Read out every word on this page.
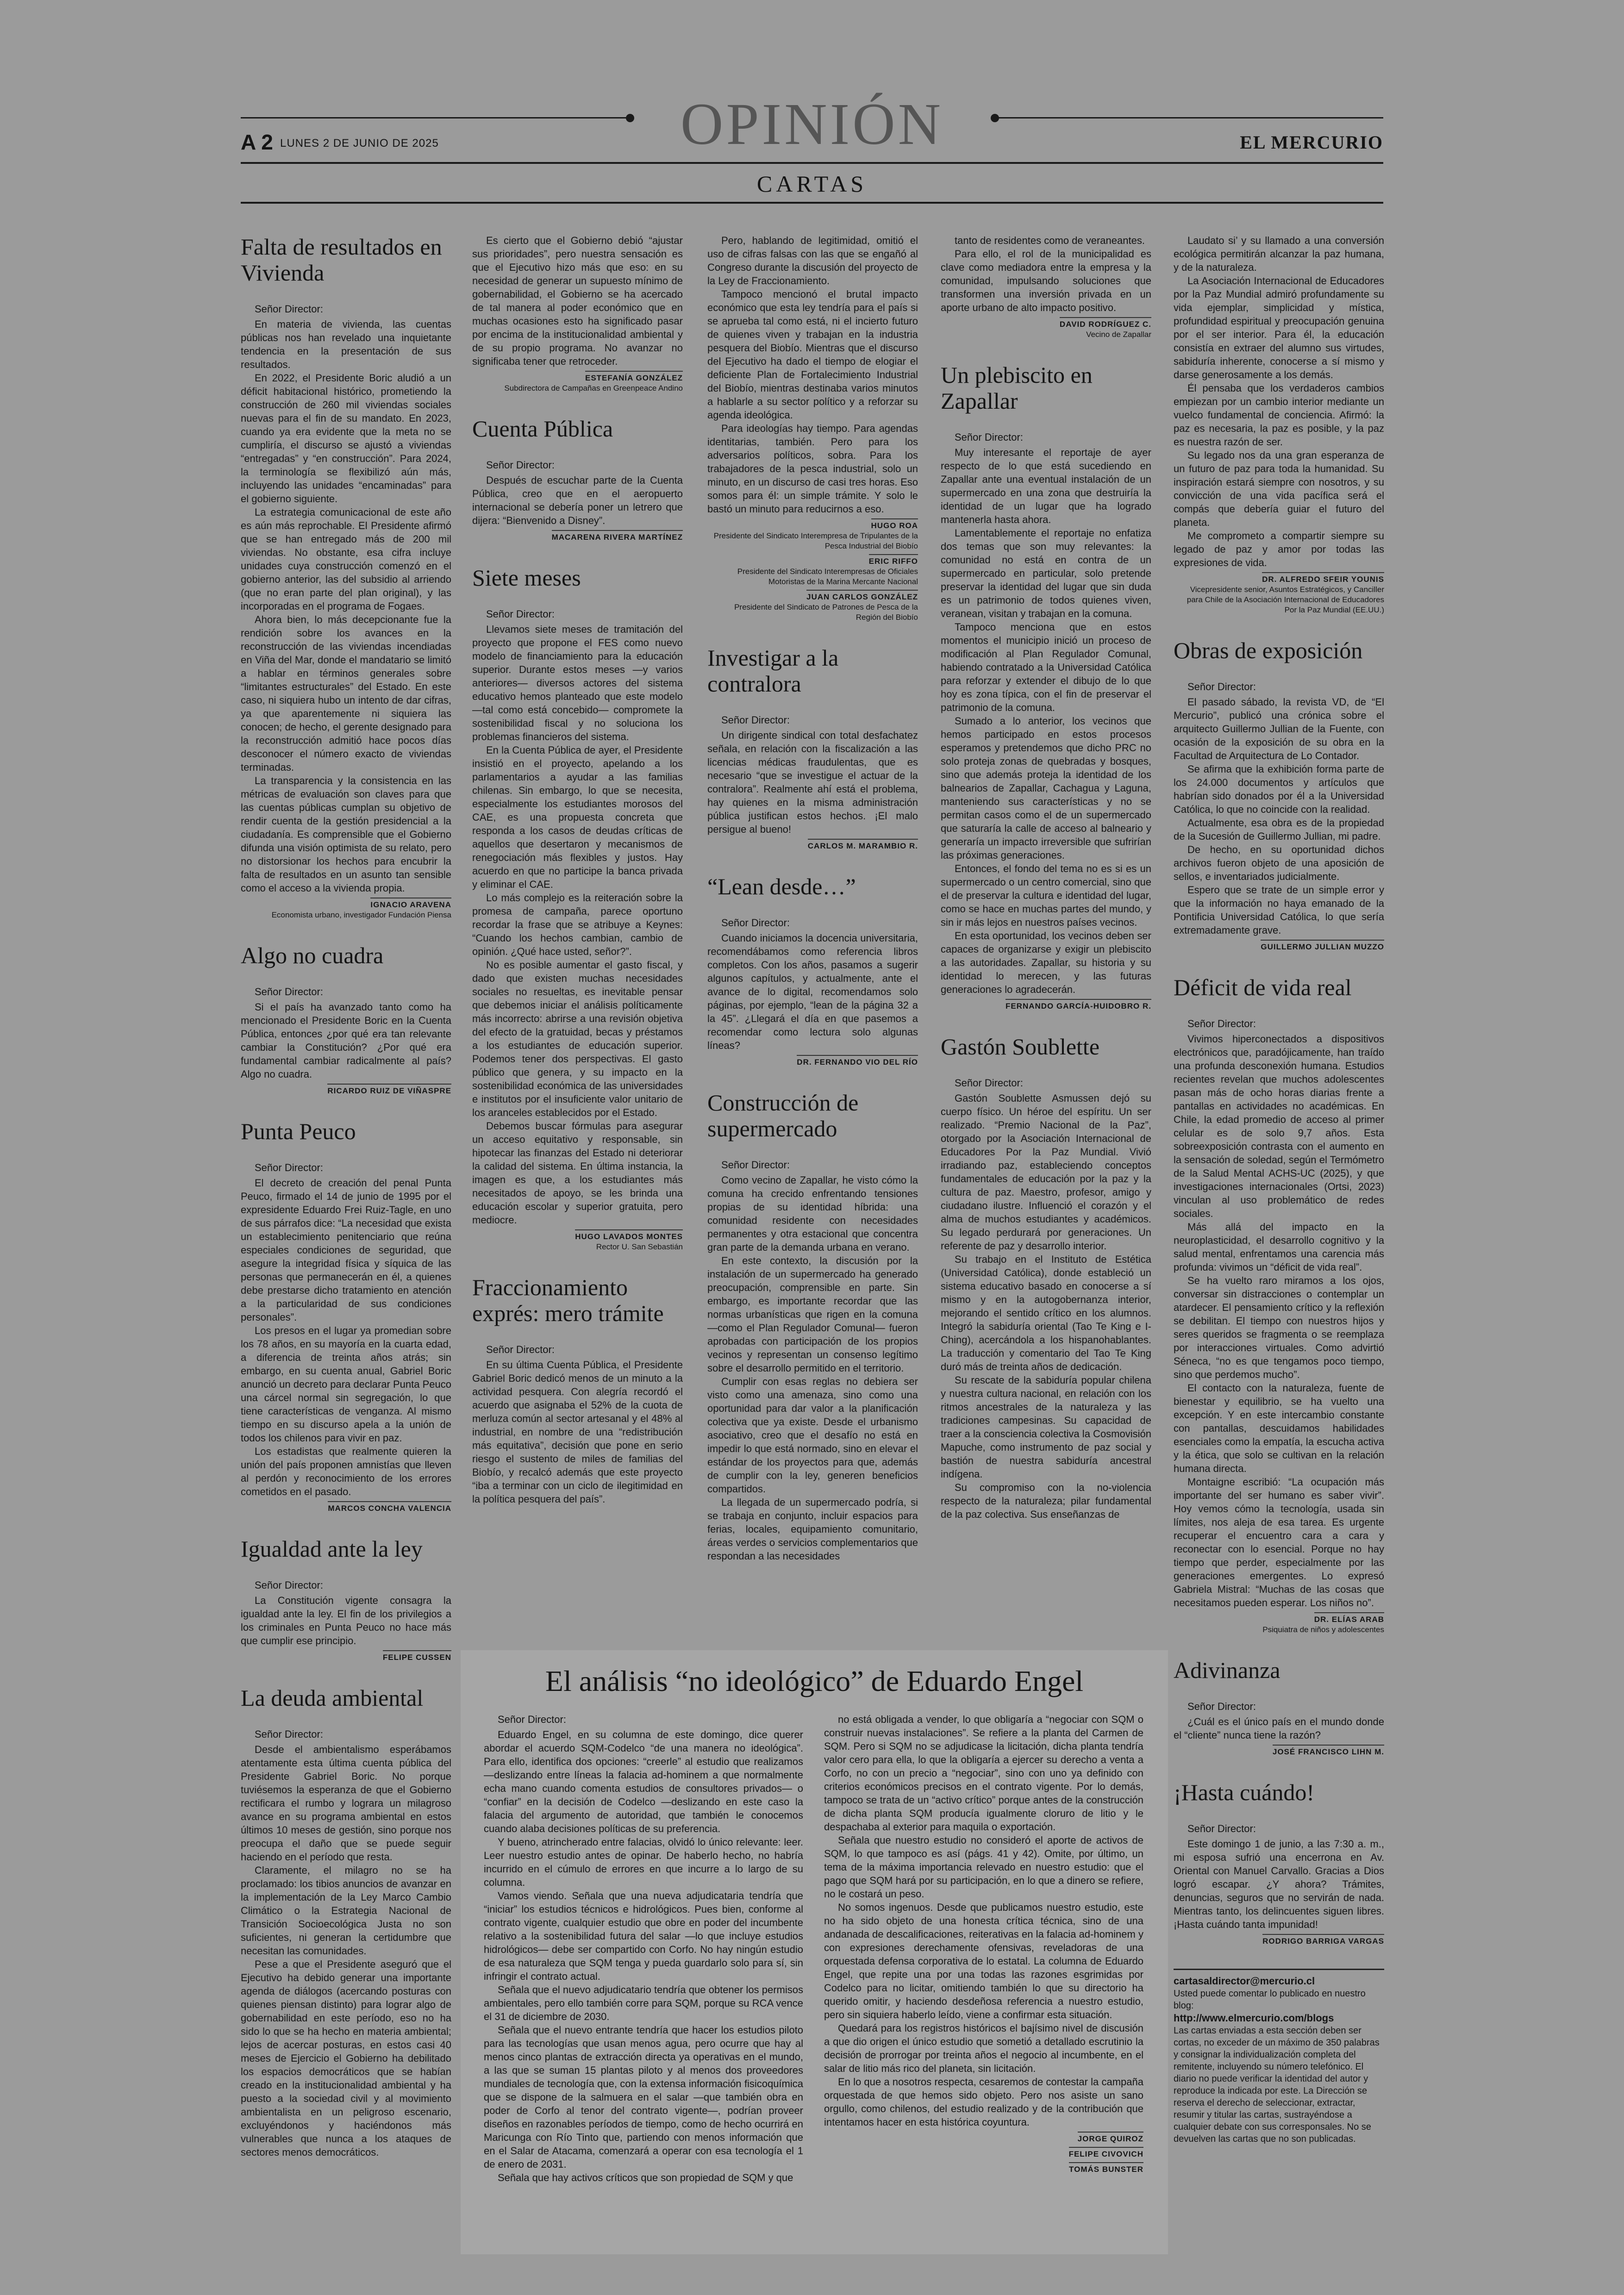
OPINIÓN
A 2 LUNES 2 DE JUNIO DE 2025	EL MERCURIO
CARTAS
Falta de resultados en Vivienda
Señor Director:

En materia de vivienda, las cuentas públicas nos han revelado una inquietante tendencia en la presentación de sus resultados.

En 2022, el Presidente Boric aludió a un déficit habitacional histórico, prometiendo la construcción de 260 mil viviendas sociales nuevas para el fin de su mandato. En 2023, cuando ya era evidente que la meta no se cumpliría, el discurso se ajustó a viviendas “entregadas” y “en construcción”. Para 2024, la terminología se flexibilizó aún más, incluyendo las unidades “encaminadas” para el gobierno siguiente.

La estrategia comunicacional de este año es aún más reprochable. El Presidente afirmó que se han entregado más de 200 mil viviendas. No obstante, esa cifra incluye unidades cuya construcción comenzó en el gobierno anterior, las del subsidio al arriendo (que no eran parte del plan original), y las incorporadas en el programa de Fogaes.

Ahora bien, lo más decepcionante fue la rendición sobre los avances en la reconstrucción de las viviendas incendiadas en Viña del Mar, donde el mandatario se limitó a hablar en términos generales sobre “limitantes estructurales” del Estado. En este caso, ni siquiera hubo un intento de dar cifras, ya que aparentemente ni siquiera las conocen; de hecho, el gerente designado para la reconstrucción admitió hace pocos días desconocer el número exacto de viviendas terminadas.

La transparencia y la consistencia en las métricas de evaluación son claves para que las cuentas públicas cumplan su objetivo de rendir cuenta de la gestión presidencial a la ciudadanía. Es comprensible que el Gobierno difunda una visión optimista de su relato, pero no distorsionar los hechos para encubrir la falta de resultados en un asunto tan sensible como el acceso a la vivienda propia.

IGNACIO ARAVENA
Economista urbano, investigador Fundación Piensa
Algo no cuadra
Señor Director:

Si el país ha avanzado tanto como ha mencionado el Presidente Boric en la Cuenta Pública, entonces ¿por qué era tan relevante cambiar la Constitución? ¿Por qué era fundamental cambiar radicalmente al país? Algo no cuadra.

RICARDO RUIZ DE VIÑASPRE
Punta Peuco
Señor Director:

El decreto de creación del penal Punta Peuco, firmado el 14 de junio de 1995 por el expresidente Eduardo Frei Ruiz-Tagle, en uno de sus párrafos dice: “La necesidad que exista un establecimiento penitenciario que reúna especiales condiciones de seguridad, que asegure la integridad física y síquica de las personas que permanecerán en él, a quienes debe prestarse dicho tratamiento en atención a la particularidad de sus condiciones personales”.

Los presos en el lugar ya promedian sobre los 78 años, en su mayoría en la cuarta edad, a diferencia de treinta años atrás; sin embargo, en su cuenta anual, Gabriel Boric anunció un decreto para declarar Punta Peuco una cárcel normal sin segregación, lo que tiene características de venganza. Al mismo tiempo en su discurso apela a la unión de todos los chilenos para vivir en paz.

Los estadistas que realmente quieren la unión del país proponen amnistías que lleven al perdón y reconocimiento de los errores cometidos en el pasado.

MARCOS CONCHA VALENCIA
Igualdad ante la ley
Señor Director:

La Constitución vigente consagra la igualdad ante la ley. El fin de los privilegios a los criminales en Punta Peuco no hace más que cumplir ese principio.

FELIPE CUSSEN
La deuda ambiental
Señor Director:

Desde el ambientalismo esperábamos atentamente esta última cuenta pública del Presidente Gabriel Boric. No porque tuviésemos la esperanza de que el Gobierno rectificara el rumbo y lograra un milagroso avance en su programa ambiental en estos últimos 10 meses de gestión, sino porque nos preocupa el daño que se puede seguir haciendo en el período que resta.

Claramente, el milagro no se ha proclamado: los tibios anuncios de avanzar en la implementación de la Ley Marco Cambio Climático o la Estrategia Nacional de Transición Socioecológica Justa no son suficientes, ni generan la certidumbre que necesitan las comunidades.

Pese a que el Presidente aseguró que el Ejecutivo ha debido generar una importante agenda de diálogos (acercando posturas con quienes piensan distinto) para lograr algo de gobernabilidad en este período, eso no ha sido lo que se ha hecho en materia ambiental; lejos de acercar posturas, en estos casi 40 meses de Ejercicio el Gobierno ha debilitado los espacios democráticos que se habían creado en la institucionalidad ambiental y ha puesto a la sociedad civil y al movimiento ambientalista en un peligroso escenario, excluyéndonos y haciéndonos más vulnerables que nunca a los ataques de sectores menos democráticos.

Es cierto que el Gobierno debió “ajustar sus prioridades”, pero nuestra sensación es que el Ejecutivo hizo más que eso: en su necesidad de generar un supuesto mínimo de gobernabilidad, el Gobierno se ha acercado de tal manera al poder económico que en muchas ocasiones esto ha significado pasar por encima de la institucionalidad ambiental y de su propio programa. No avanzar no significaba tener que retroceder.

ESTEFANÍA GONZÁLEZ
Subdirectora de Campañas en Greenpeace Andino
Cuenta Pública
Señor Director:

Después de escuchar parte de la Cuenta Pública, creo que en el aeropuerto internacional se debería poner un letrero que dijera: “Bienvenido a Disney”.

MACARENA RIVERA MARTÍNEZ
Siete meses
Señor Director:

Llevamos siete meses de tramitación del proyecto que propone el FES como nuevo modelo de financiamiento para la educación superior. Durante estos meses —y varios anteriores— diversos actores del sistema educativo hemos planteado que este modelo —tal como está concebido— compromete la sostenibilidad fiscal y no soluciona los problemas financieros del sistema.

En la Cuenta Pública de ayer, el Presidente insistió en el proyecto, apelando a los parlamentarios a ayudar a las familias chilenas. Sin embargo, lo que se necesita, especialmente los estudiantes morosos del CAE, es una propuesta concreta que responda a los casos de deudas críticas de aquellos que desertaron y mecanismos de renegociación más flexibles y justos. Hay acuerdo en que no participe la banca privada y eliminar el CAE.

Lo más complejo es la reiteración sobre la promesa de campaña, parece oportuno recordar la frase que se atribuye a Keynes: “Cuando los hechos cambian, cambio de opinión. ¿Qué hace usted, señor?”.

No es posible aumentar el gasto fiscal, y dado que existen muchas necesidades sociales no resueltas, es inevitable pensar que debemos iniciar el análisis políticamente más incorrecto: abrirse a una revisión objetiva del efecto de la gratuidad, becas y préstamos a los estudiantes de educación superior. Podemos tener dos perspectivas. El gasto público que genera, y su impacto en la sostenibilidad económica de las universidades e institutos por el insuficiente valor unitario de los aranceles establecidos por el Estado.

Debemos buscar fórmulas para asegurar un acceso equitativo y responsable, sin hipotecar las finanzas del Estado ni deteriorar la calidad del sistema. En última instancia, la imagen es que, a los estudiantes más necesitados de apoyo, se les brinda una educación escolar y superior gratuita, pero mediocre.

HUGO LAVADOS MONTES
Rector U. San Sebastián
Fraccionamiento exprés: mero trámite
Señor Director:

En su última Cuenta Pública, el Presidente Gabriel Boric dedicó menos de un minuto a la actividad pesquera. Con alegría recordó el acuerdo que asignaba el 52% de la cuota de merluza común al sector artesanal y el 48% al industrial, en nombre de una “redistribución más equitativa”, decisión que pone en serio riesgo el sustento de miles de familias del Biobío, y recalcó además que este proyecto “iba a terminar con un ciclo de ilegitimidad en la política pesquera del país”.

Pero, hablando de legitimidad, omitió el uso de cifras falsas con las que se engañó al Congreso durante la discusión del proyecto de la Ley de Fraccionamiento.

Tampoco mencionó el brutal impacto económico que esta ley tendría para el país si se aprueba tal como está, ni el incierto futuro de quienes viven y trabajan en la industria pesquera del Biobío. Mientras que el discurso del Ejecutivo ha dado el tiempo de elogiar el deficiente Plan de Fortalecimiento Industrial del Biobío, mientras destinaba varios minutos a hablarle a su sector político y a reforzar su agenda ideológica.

Para ideologías hay tiempo. Para agendas identitarias, también. Pero para los adversarios políticos, sobra. Para los trabajadores de la pesca industrial, solo un minuto, en un discurso de casi tres horas. Eso somos para él: un simple trámite. Y solo le bastó un minuto para reducirnos a eso.

HUGO ROA
Presidente del Sindicato Interempresa de Tripulantes de la Pesca Industrial del Biobío
ERIC RIFFO
Presidente del Sindicato Interempresas de Oficiales Motoristas de la Marina Mercante Nacional
JUAN CARLOS GONZÁLEZ
Presidente del Sindicato de Patrones de Pesca de la Región del Biobío
Investigar a la contralora
Señor Director:

Un dirigente sindical con total desfachatez señala, en relación con la fiscalización a las licencias médicas fraudulentas, que es necesario “que se investigue el actuar de la contralora”. Realmente ahí está el problema, hay quienes en la misma administración pública justifican estos hechos. ¡El malo persigue al bueno!

CARLOS M. MARAMBIO R.
“Lean desde…”
Señor Director:

Cuando iniciamos la docencia universitaria, recomendábamos como referencia libros completos. Con los años, pasamos a sugerir algunos capítulos, y actualmente, ante el avance de lo digital, recomendamos solo páginas, por ejemplo, “lean de la página 32 a la 45”. ¿Llegará el día en que pasemos a recomendar como lectura solo algunas líneas?

DR. FERNANDO VIO DEL RÍO
Construcción de supermercado
Señor Director:

Como vecino de Zapallar, he visto cómo la comuna ha crecido enfrentando tensiones propias de su identidad híbrida: una comunidad residente con necesidades permanentes y otra estacional que concentra gran parte de la demanda urbana en verano.

En este contexto, la discusión por la instalación de un supermercado ha generado preocupación, comprensible en parte. Sin embargo, es importante recordar que las normas urbanísticas que rigen en la comuna —como el Plan Regulador Comunal— fueron aprobadas con participación de los propios vecinos y representan un consenso legítimo sobre el desarrollo permitido en el territorio.

Cumplir con esas reglas no debiera ser visto como una amenaza, sino como una oportunidad para dar valor a la planificación colectiva que ya existe. Desde el urbanismo asociativo, creo que el desafío no está en impedir lo que está normado, sino en elevar el estándar de los proyectos para que, además de cumplir con la ley, generen beneficios compartidos.

La llegada de un supermercado podría, si se trabaja en conjunto, incluir espacios para ferias, locales, equipamiento comunitario, áreas verdes o servicios complementarios que respondan a las necesidades

tanto de residentes como de veraneantes.

Para ello, el rol de la municipalidad es clave como mediadora entre la empresa y la comunidad, impulsando soluciones que transformen una inversión privada en un aporte urbano de alto impacto positivo.

DAVID RODRÍGUEZ C.
Vecino de Zapallar
Un plebiscito en Zapallar
Señor Director:

Muy interesante el reportaje de ayer respecto de lo que está sucediendo en Zapallar ante una eventual instalación de un supermercado en una zona que destruiría la identidad de un lugar que ha logrado mantenerla hasta ahora.

Lamentablemente el reportaje no enfatiza dos temas que son muy relevantes: la comunidad no está en contra de un supermercado en particular, solo pretende preservar la identidad del lugar que sin duda es un patrimonio de todos quienes viven, veranean, visitan y trabajan en la comuna.

Tampoco menciona que en estos momentos el municipio inició un proceso de modificación al Plan Regulador Comunal, habiendo contratado a la Universidad Católica para reforzar y extender el dibujo de lo que hoy es zona típica, con el fin de preservar el patrimonio de la comuna.

Sumado a lo anterior, los vecinos que hemos participado en estos procesos esperamos y pretendemos que dicho PRC no solo proteja zonas de quebradas y bosques, sino que además proteja la identidad de los balnearios de Zapallar, Cachagua y Laguna, manteniendo sus características y no se permitan casos como el de un supermercado que saturaría la calle de acceso al balneario y generaría un impacto irreversible que sufrirían las próximas generaciones.

Entonces, el fondo del tema no es si es un supermercado o un centro comercial, sino que el de preservar la cultura e identidad del lugar, como se hace en muchas partes del mundo, y sin ir más lejos en nuestros países vecinos.

En esta oportunidad, los vecinos deben ser capaces de organizarse y exigir un plebiscito a las autoridades. Zapallar, su historia y su identidad lo merecen, y las futuras generaciones lo agradecerán.

FERNANDO GARCÍA-HUIDOBRO R.
Gastón Soublette
Señor Director:

Gastón Soublette Asmussen dejó su cuerpo físico. Un héroe del espíritu. Un ser realizado. “Premio Nacional de la Paz”, otorgado por la Asociación Internacional de Educadores Por la Paz Mundial. Vivió irradiando paz, estableciendo conceptos fundamentales de educación por la paz y la cultura de paz. Maestro, profesor, amigo y ciudadano ilustre. Influenció el corazón y el alma de muchos estudiantes y académicos. Su legado perdurará por generaciones. Un referente de paz y desarrollo interior.

Su trabajo en el Instituto de Estética (Universidad Católica), donde estableció un sistema educativo basado en conocerse a sí mismo y en la autogobernanza interior, mejorando el sentido crítico en los alumnos. Integró la sabiduría oriental (Tao Te King e I-Ching), acercándola a los hispanohablantes. La traducción y comentario del Tao Te King duró más de treinta años de dedicación.

Su rescate de la sabiduría popular chilena y nuestra cultura nacional, en relación con los ritmos ancestrales de la naturaleza y las tradiciones campesinas. Su capacidad de traer a la consciencia colectiva la Cosmovisión Mapuche, como instrumento de paz social y bastión de nuestra sabiduría ancestral indígena.

Su compromiso con la no-violencia respecto de la naturaleza; pilar fundamental de la paz colectiva. Sus enseñanzas de

Laudato si’ y su llamado a una conversión ecológica permitirán alcanzar la paz humana, y de la naturaleza.

La Asociación Internacional de Educadores por la Paz Mundial admiró profundamente su vida ejemplar, simplicidad y mística, profundidad espiritual y preocupación genuina por el ser interior. Para él, la educación consistía en extraer del alumno sus virtudes, sabiduría inherente, conocerse a sí mismo y darse generosamente a los demás.

Él pensaba que los verdaderos cambios empiezan por un cambio interior mediante un vuelco fundamental de conciencia. Afirmó: la paz es necesaria, la paz es posible, y la paz es nuestra razón de ser.

Su legado nos da una gran esperanza de un futuro de paz para toda la humanidad. Su inspiración estará siempre con nosotros, y su convicción de una vida pacífica será el compás que debería guiar el futuro del planeta.

Me comprometo a compartir siempre su legado de paz y amor por todas las expresiones de vida.

DR. ALFREDO SFEIR YOUNIS
Vicepresidente senior, Asuntos Estratégicos, y Canciller para Chile de la Asociación Internacional de Educadores Por la Paz Mundial (EE.UU.)
Obras de exposición
Señor Director:

El pasado sábado, la revista VD, de “El Mercurio”, publicó una crónica sobre el arquitecto Guillermo Jullian de la Fuente, con ocasión de la exposición de su obra en la Facultad de Arquitectura de Lo Contador.

Se afirma que la exhibición forma parte de los 24.000 documentos y artículos que habrían sido donados por él a la Universidad Católica, lo que no coincide con la realidad.

Actualmente, esa obra es de la propiedad de la Sucesión de Guillermo Jullian, mi padre.

De hecho, en su oportunidad dichos archivos fueron objeto de una aposición de sellos, e inventariados judicialmente.

Espero que se trate de un simple error y que la información no haya emanado de la Pontificia Universidad Católica, lo que sería extremadamente grave.

GUILLERMO JULLIAN MUZZO
Déficit de vida real
Señor Director:

Vivimos hiperconectados a dispositivos electrónicos que, paradójicamente, han traído una profunda desconexión humana. Estudios recientes revelan que muchos adolescentes pasan más de ocho horas diarias frente a pantallas en actividades no académicas. En Chile, la edad promedio de acceso al primer celular es de solo 9,7 años. Esta sobreexposición contrasta con el aumento en la sensación de soledad, según el Termómetro de la Salud Mental ACHS-UC (2025), y que investigaciones internacionales (Ortsi, 2023) vinculan al uso problemático de redes sociales.

Más allá del impacto en la neuroplasticidad, el desarrollo cognitivo y la salud mental, enfrentamos una carencia más profunda: vivimos un “déficit de vida real”.

Se ha vuelto raro miramos a los ojos, conversar sin distracciones o contemplar un atardecer. El pensamiento crítico y la reflexión se debilitan. El tiempo con nuestros hijos y seres queridos se fragmenta o se reemplaza por interacciones virtuales. Como advirtió Séneca, “no es que tengamos poco tiempo, sino que perdemos mucho”.

El contacto con la naturaleza, fuente de bienestar y equilibrio, se ha vuelto una excepción. Y en este intercambio constante con pantallas, descuidamos habilidades esenciales como la empatía, la escucha activa y la ética, que solo se cultivan en la relación humana directa.

Montaigne escribió: “La ocupación más importante del ser humano es saber vivir”. Hoy vemos cómo la tecnología, usada sin límites, nos aleja de esa tarea. Es urgente recuperar el encuentro cara a cara y reconectar con lo esencial. Porque no hay tiempo que perder, especialmente por las generaciones emergentes. Lo expresó Gabriela Mistral: “Muchas de las cosas que necesitamos pueden esperar. Los niños no”.

DR. ELÍAS ARAB
Psiquiatra de niños y adolescentes
Adivinanza
Señor Director:

¿Cuál es el único país en el mundo donde el “cliente” nunca tiene la razón?

JOSÉ FRANCISCO LIHN M.
¡Hasta cuándo!
Señor Director:

Este domingo 1 de junio, a las 7:30 a. m., mi esposa sufrió una encerrona en Av. Oriental con Manuel Carvallo. Gracias a Dios logró escapar. ¿Y ahora? Trámites, denuncias, seguros que no servirán de nada. Mientras tanto, los delincuentes siguen libres. ¡Hasta cuándo tanta impunidad!

RODRIGO BARRIGA VARGAS
cartasaldirector@mercurio.cl
Usted puede comentar lo publicado en nuestro blog:
http://www.elmercurio.com/blogs
Las cartas enviadas a esta sección deben ser cortas, no exceder de un máximo de 350 palabras y consignar la individualización completa del remitente, incluyendo su número telefónico. El diario no puede verificar la identidad del autor y reproduce la indicada por este. La Dirección se reserva el derecho de seleccionar, extractar, resumir y titular las cartas, sustrayéndose a cualquier debate con sus corresponsales. No se devuelven las cartas que no son publicadas.
El análisis “no ideológico” de Eduardo Engel
Señor Director:

Eduardo Engel, en su columna de este domingo, dice querer abordar el acuerdo SQM-Codelco “de una manera no ideológica”. Para ello, identifica dos opciones: “creerle” al estudio que realizamos —deslizando entre líneas la falacia ad-hominem a que normalmente echa mano cuando comenta estudios de consultores privados— o “confiar” en la decisión de Codelco —deslizando en este caso la falacia del argumento de autoridad, que también le conocemos cuando alaba decisiones políticas de su preferencia.

Y bueno, atrincherado entre falacias, olvidó lo único relevante: leer. Leer nuestro estudio antes de opinar. De haberlo hecho, no habría incurrido en el cúmulo de errores en que incurre a lo largo de su columna.

Vamos viendo. Señala que una nueva adjudicataria tendría que “iniciar” los estudios técnicos e hidrológicos. Pues bien, conforme al contrato vigente, cualquier estudio que obre en poder del incumbente relativo a la sostenibilidad futura del salar —lo que incluye estudios hidrológicos— debe ser compartido con Corfo. No hay ningún estudio de esa naturaleza que SQM tenga y pueda guardarlo solo para sí, sin infringir el contrato actual.

Señala que el nuevo adjudicatario tendría que obtener los permisos ambientales, pero ello también corre para SQM, porque su RCA vence el 31 de diciembre de 2030.

Señala que el nuevo entrante tendría que hacer los estudios piloto para las tecnologías que usan menos agua, pero ocurre que hay al menos cinco plantas de extracción directa ya operativas en el mundo, a las que se suman 15 plantas piloto y al menos dos proveedores mundiales de tecnología que, con la extensa información fisicoquímica que se dispone de la salmuera en el salar —que también obra en poder de Corfo al tenor del contrato vigente—, podrían proveer diseños en razonables períodos de tiempo, como de hecho ocurrirá en Maricunga con Río Tinto que, partiendo con menos información que en el Salar de Atacama, comenzará a operar con esa tecnología el 1 de enero de 2031.

Señala que hay activos críticos que son propiedad de SQM y que

no está obligada a vender, lo que obligaría a “negociar con SQM o construir nuevas instalaciones”. Se refiere a la planta del Carmen de SQM. Pero si SQM no se adjudicase la licitación, dicha planta tendría valor cero para ella, lo que la obligaría a ejercer su derecho a venta a Corfo, no con un precio a “negociar”, sino con uno ya definido con criterios económicos precisos en el contrato vigente. Por lo demás, tampoco se trata de un “activo crítico” porque antes de la construcción de dicha planta SQM producía igualmente cloruro de litio y le despachaba al exterior para maquila o exportación.

Señala que nuestro estudio no consideró el aporte de activos de SQM, lo que tampoco es así (págs. 41 y 42). Omite, por último, un tema de la máxima importancia relevado en nuestro estudio: que el pago que SQM hará por su participación, en lo que a dinero se refiere, no le costará un peso.

No somos ingenuos. Desde que publicamos nuestro estudio, este no ha sido objeto de una honesta crítica técnica, sino de una andanada de descalificaciones, reiterativas en la falacia ad-hominem y con expresiones derechamente ofensivas, reveladoras de una orquestada defensa corporativa de lo estatal. La columna de Eduardo Engel, que repite una por una todas las razones esgrimidas por Codelco para no licitar, omitiendo también lo que su directorio ha querido omitir, y haciendo desdeñosa referencia a nuestro estudio, pero sin siquiera haberlo leído, viene a confirmar esta situación.

Quedará para los registros históricos el bajísimo nivel de discusión a que dio origen el único estudio que sometió a detallado escrutinio la decisión de prorrogar por treinta años el negocio al incumbente, en el salar de litio más rico del planeta, sin licitación.

En lo que a nosotros respecta, cesaremos de contestar la campaña orquestada de que hemos sido objeto. Pero nos asiste un sano orgullo, como chilenos, del estudio realizado y de la contribución que intentamos hacer en esta histórica coyuntura.

JORGE QUIROZ
FELIPE CIVOVICH
TOMÁS BUNSTER
